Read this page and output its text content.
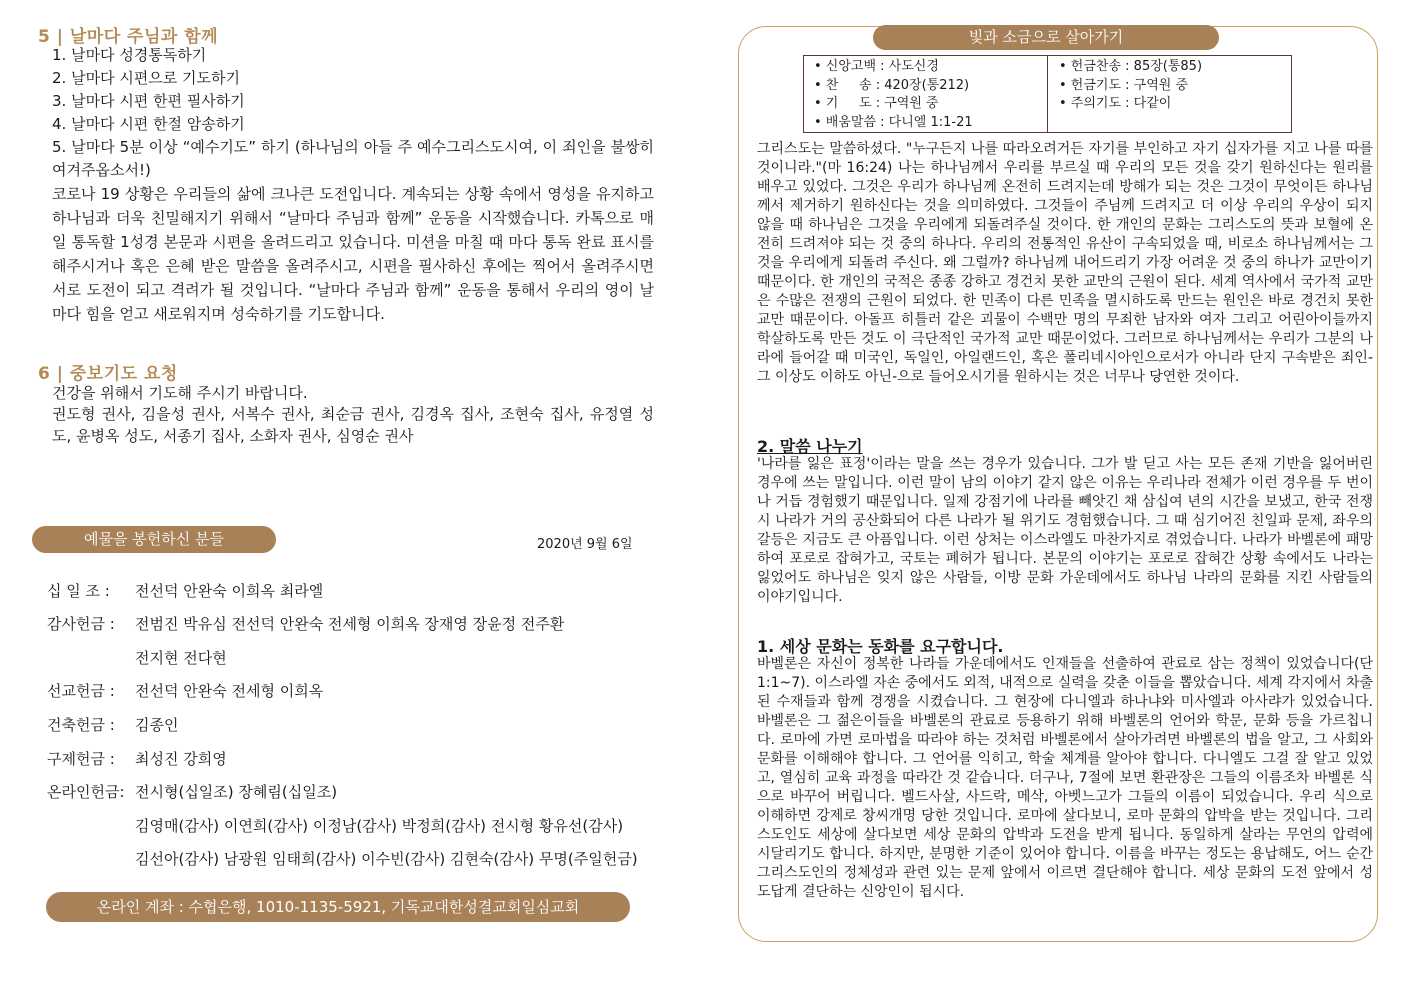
5 | 날마다 주님과 함께
1. 날마다 성경통독하기
2. 날마다 시편으로 기도하기
3. 날마다 시편 한편 필사하기
4. 날마다 시편 한절 암송하기
5. 날마다 5분 이상 “예수기도” 하기 (하나님의 아들 주 예수그리스도시여, 이 죄인을 불쌍히 여겨주옵소서!)
코로나 19 상황은 우리들의 삶에 크나큰 도전입니다. 계속되는 상황 속에서 영성을 유지하고 하나님과 더욱 친밀해지기 위해서 “날마다 주님과 함께” 운동을 시작했습니다. 카톡으로 매일 통독할 1성경 본문과 시편을 올려드리고 있습니다. 미션을 마칠 때 마다 통독 완료 표시를 해주시거나 혹은 은혜 받은 말씀을 올려주시고, 시편을 필사하신 후에는 찍어서 올려주시면 서로 도전이 되고 격려가 될 것입니다. “날마다 주님과 함께” 운동을 통해서 우리의 영이 날마다 힘을 얻고 새로워지며 성숙하기를 기도합니다.
6 | 중보기도 요청
건강을 위해서 기도해 주시기 바랍니다.
권도형 권사, 김을성 권사, 서복수 권사, 최순금 권사, 김경옥 집사, 조현숙 집사, 유정열 성도, 윤병옥 성도, 서종기 집사, 소화자 권사, 심영순 권사
예물을 봉헌하신 분들	2020년 9월 6일
십 일 조 : 전선덕 안완숙 이희옥 최라엘
감사헌금 : 전범진 박유심 전선덕 안완숙 전세형 이희옥 장재영 장윤정 전주환
전지현 전다현
선교헌금 : 전선덕 안완숙 전세형 이희옥
건축헌금 : 김종인
구제헌금 : 최성진 강희영
온라인헌금: 전시형(십일조) 장혜림(십일조)
김영매(감사) 이연희(감사) 이정남(감사) 박정희(감사) 전시형 황유선(감사)
김선아(감사) 남광원 임태희(감사) 이수빈(감사) 김현숙(감사) 무명(주일헌금)
온라인 계좌 : 수협은행, 1010-1135-5921, 기독교대한성결교회일심교회
빛과 소금으로 살아가기
• 신앙고백 : 사도신경
• 찬     송 : 420장(통212)
• 기     도 : 구역원 중
• 배움말씀 : 다니엘 1:1-21
• 헌금찬송 : 85장(통85)
• 헌금기도 : 구역원 중
• 주의기도 : 다같이
그리스도는 말씀하셨다. "누구든지 나를 따라오려거든 자기를 부인하고 자기 십자가를 지고 나를 따를 것이니라."(마 16:24) 나는 하나님께서 우리를 부르실 때 우리의 모든 것을 갖기 원하신다는 원리를 배우고 있었다. 그것은 우리가 하나님께 온전히 드려지는데 방해가 되는 것은 그것이 무엇이든 하나님께서 제거하기 원하신다는 것을 의미하였다. 그것들이 주님께 드려지고 더 이상 우리의 우상이 되지 않을 때 하나님은 그것을 우리에게 되돌려주실 것이다. 한 개인의 문화는 그리스도의 뜻과 보혈에 온전히 드려져야 되는 것 중의 하나다. 우리의 전통적인 유산이 구속되었을 때, 비로소 하나님께서는 그것을 우리에게 되돌려 주신다. 왜 그럴까? 하나님께 내어드리기 가장 어려운 것 중의 하나가 교만이기 때문이다. 한 개인의 국적은 종종 강하고 경건치 못한 교만의 근원이 된다. 세계 역사에서 국가적 교만은 수많은 전쟁의 근원이 되었다. 한 민족이 다른 민족을 멸시하도록 만드는 원인은 바로 경건치 못한 교만 때문이다. 아돌프 히틀러 같은 괴물이 수백만 명의 무죄한 남자와 여자 그리고 어린아이들까지 학살하도록 만든 것도 이 극단적인 국가적 교만 때문이었다. 그러므로 하나님께서는 우리가 그분의 나라에 들어갈 때 미국인, 독일인, 아일랜드인, 혹은 폴리네시아인으로서가 아니라 단지 구속받은 죄인-그 이상도 이하도 아닌-으로 들어오시기를 원하시는 것은 너무나 당연한 것이다.
2. 말씀 나누기
'나라를 잃은 표정'이라는 말을 쓰는 경우가 있습니다. 그가 발 딛고 사는 모든 존재 기반을 잃어버린 경우에 쓰는 말입니다. 이런 말이 남의 이야기 같지 않은 이유는 우리나라 전체가 이런 경우를 두 번이나 거듭 경험했기 때문입니다. 일제 강점기에 나라를 빼앗긴 채 삼십여 년의 시간을 보냈고, 한국 전쟁시 나라가 거의 공산화되어 다른 나라가 될 위기도 경험했습니다. 그 때 심기어진 친일파 문제, 좌우의 갈등은 지금도 큰 아픔입니다. 이런 상처는 이스라엘도 마찬가지로 겪었습니다. 나라가 바벨론에 패망하여 포로로 잡혀가고, 국토는 폐허가 됩니다. 본문의 이야기는 포로로 잡혀간 상황 속에서도 나라는 잃었어도 하나님은 잊지 않은 사람들, 이방 문화 가운데에서도 하나님 나라의 문화를 지킨 사람들의 이야기입니다.
1. 세상 문화는 동화를 요구합니다.
바벨론은 자신이 정복한 나라들 가운데에서도 인재들을 선출하여 관료로 삼는 정책이 있었습니다(단 1:1~7). 이스라엘 자손 중에서도 외적, 내적으로 실력을 갖춘 이들을 뽑았습니다. 세계 각지에서 차출된 수재들과 함께 경쟁을 시켰습니다. 그 현장에 다니엘과 하나냐와 미사엘과 아사랴가 있었습니다. 바벨론은 그 젊은이들을 바벨론의 관료로 등용하기 위해 바벨론의 언어와 학문, 문화 등을 가르칩니다. 로마에 가면 로마법을 따라야 하는 것처럼 바벨론에서 살아가려면 바벨론의 법을 알고, 그 사회와 문화를 이해해야 합니다. 그 언어를 익히고, 학술 체계를 알아야 합니다. 다니엘도 그걸 잘 알고 있었고, 열심히 교육 과정을 따라간 것 같습니다. 더구나, 7절에 보면 환관장은 그들의 이름조차 바벨론 식으로 바꾸어 버립니다. 벨드사살, 사드락, 메삭, 아벳느고가 그들의 이름이 되었습니다. 우리 식으로 이해하면 강제로 창씨개명 당한 것입니다. 로마에 살다보니, 로마 문화의 압박을 받는 것입니다. 그리스도인도 세상에 살다보면 세상 문화의 압박과 도전을 받게 됩니다. 동일하게 살라는 무언의 압력에 시달리기도 합니다. 하지만, 분명한 기준이 있어야 합니다. 이름을 바꾸는 정도는 용납해도, 어느 순간 그리스도인의 정체성과 관련 있는 문제 앞에서 이르면 결단해야 합니다. 세상 문화의 도전 앞에서 성도답게 결단하는 신앙인이 됩시다.
